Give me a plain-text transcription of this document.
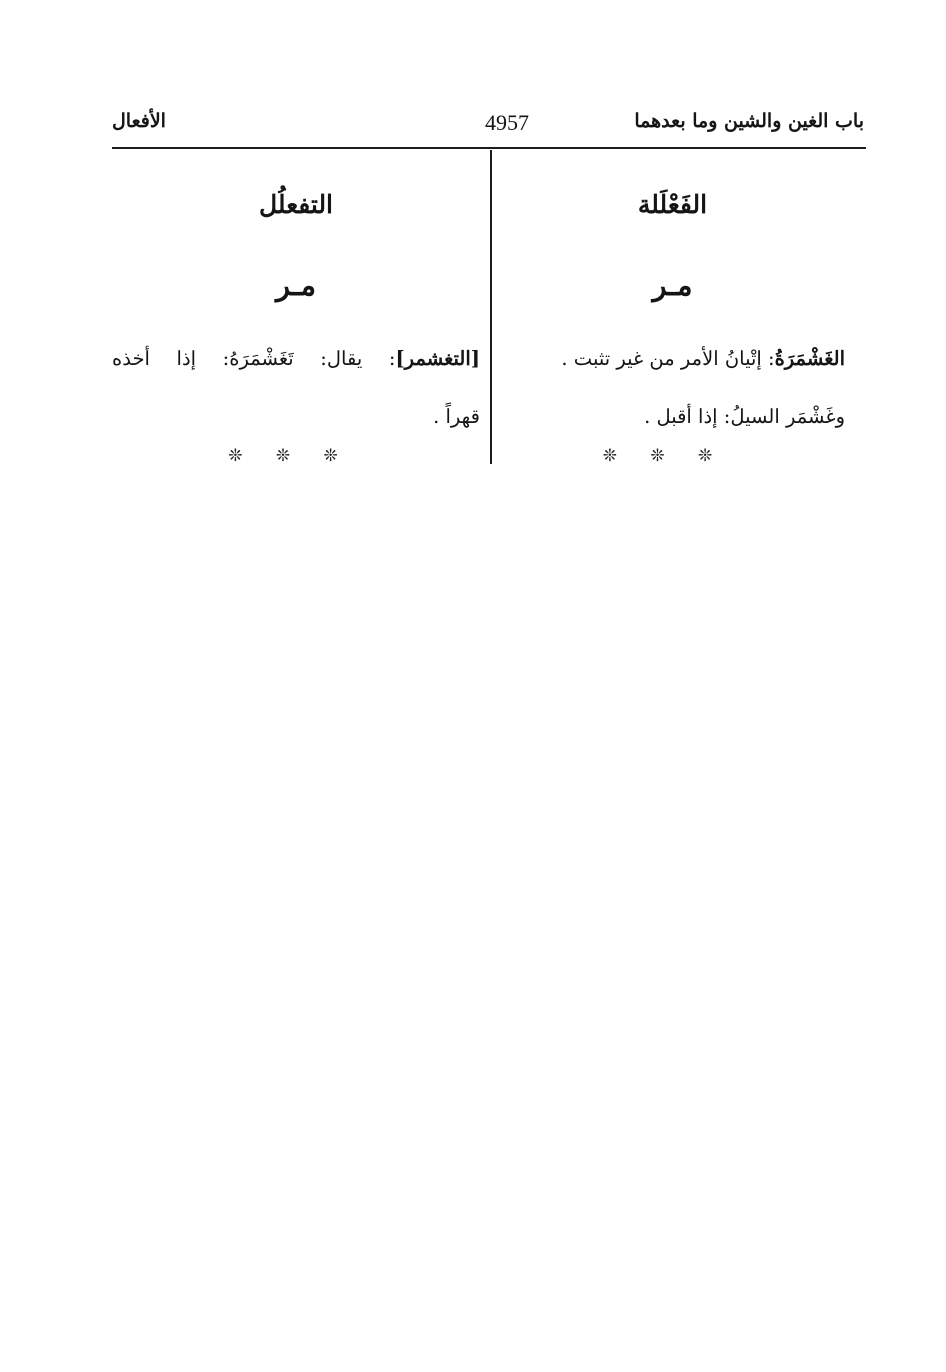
باب الغين والشين وما بعدهما
4957
الأفعال
الفَعْلَلة
مـر

الغَشْمَرَةُ: إتْيانُ الأمر من غير تثبت .

وغَشْمَر السيلُ: إذا أقبل .

❊ ❊ ❊
التفعلُل
مـر

[التغشمر]: يقال: تَغَشْمَرَهُ: إذا أخذه

قهراً .

❊ ❊ ❊
